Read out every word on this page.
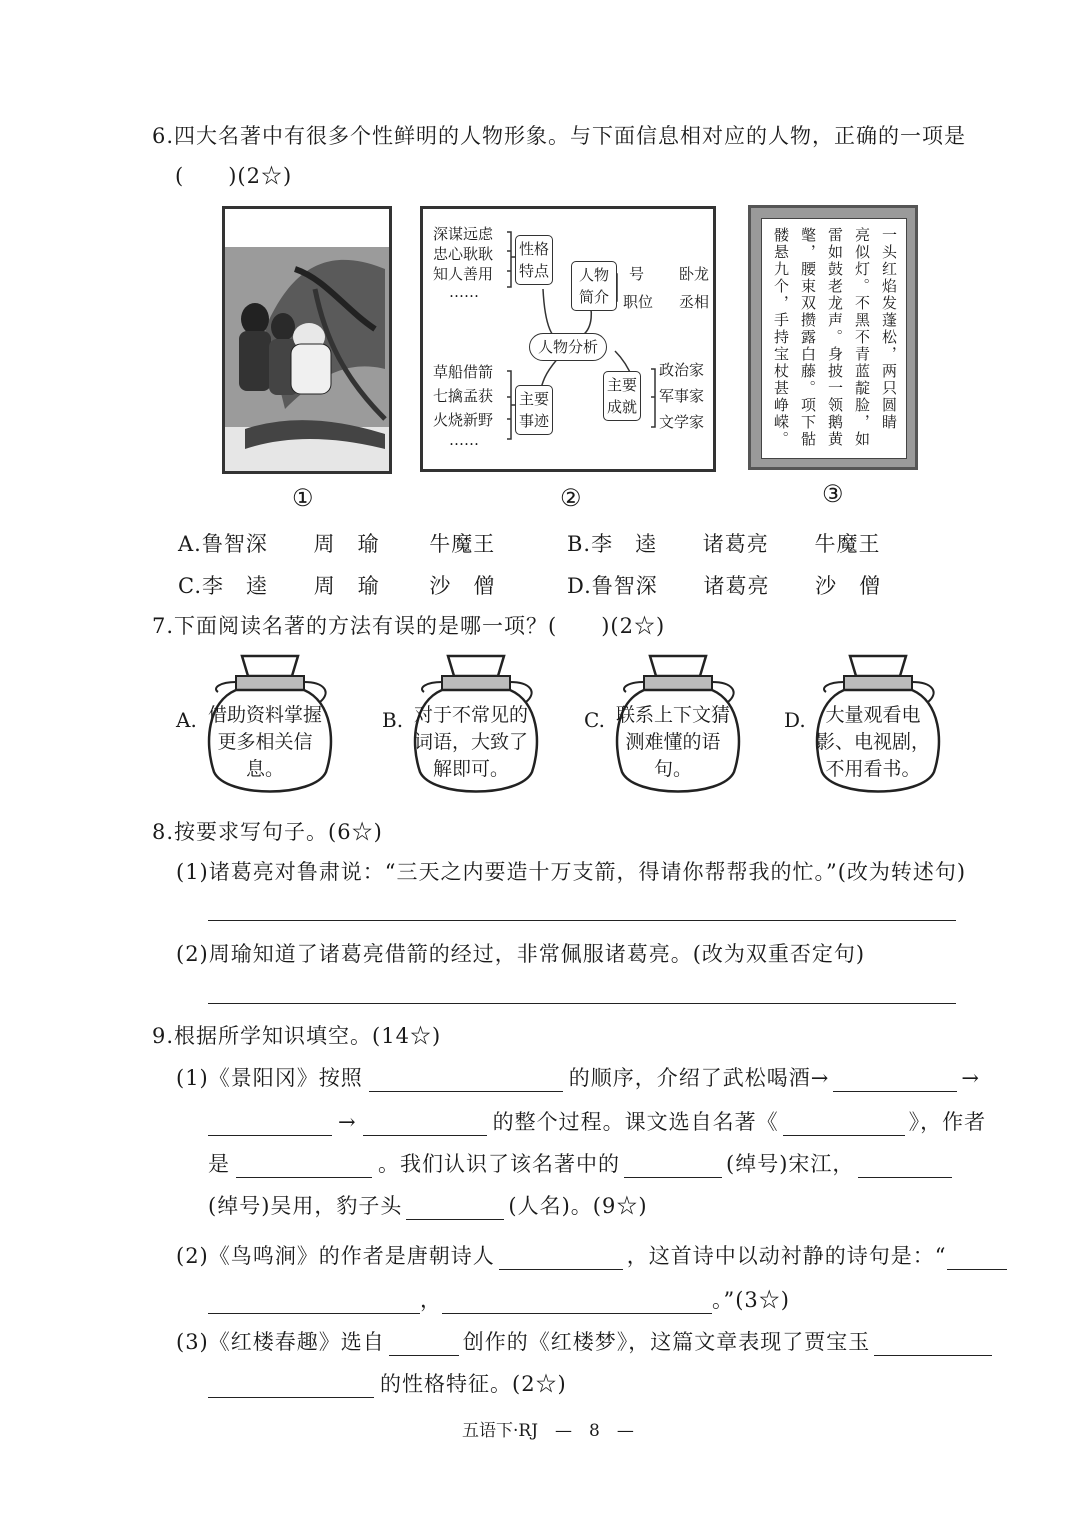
6.四大名著中有很多个性鲜明的人物形象。与下面信息相对应的人物，正确的一项是
(　　)(2☆)
深谋远虑
忠心耿耿
知人善用
……
性格特点	人物简介
号 卧龙
职位 丞相
人物分析
草船借箭
七擒孟获
火烧新野
……
主要事迹
主要成就
政治家
军事家
文学家	一头红焰发蓬松，两只圆睛
亮似灯。不黑不青蓝靛脸，如
雷如鼓老龙声。身披一领鹅黄
氅，腰束双攒露白藤。项下骷
髅悬九个，手持宝杖甚峥嵘。
①	②	③
A.鲁智深 周　瑜 牛魔王	B.李　逵 诸葛亮 牛魔王
C.李　逵 周　瑜 沙　僧	D.鲁智深 诸葛亮 沙　僧
7.下面阅读名著的方法有误的是哪一项？(　　)(2☆)
A. 借助资料掌握更多相关信息。
B. 对于不常见的词语，大致了解即可。
C. 联系上下文猜测难懂的语句。
D.	大量观看电影、电视剧，不用看书。
8.按要求写句子。(6☆)
(1)诸葛亮对鲁肃说：“三天之内要造十万支箭，得请你帮帮我的忙。”(改为转述句)
(2)周瑜知道了诸葛亮借箭的经过，非常佩服诸葛亮。(改为双重否定句)
9.根据所学知识填空。(14☆)
(1)《景阳冈》按照	的顺序，介绍了武松喝酒→	→
→	的整个过程。课文选自名著《	》，作者
是	。我们认识了该名著中的	(绰号)宋江，
(绰号)吴用，豹子头	(人名)。(9☆)
(2)《鸟鸣涧》的作者是唐朝诗人	，这首诗中以动衬静的诗句是：“
，	。”(3☆)
(3)《红楼春趣》选自	创作的《红楼梦》，这篇文章表现了贾宝玉
的性格特征。(2☆)
五语下·RJ　—　8　—
